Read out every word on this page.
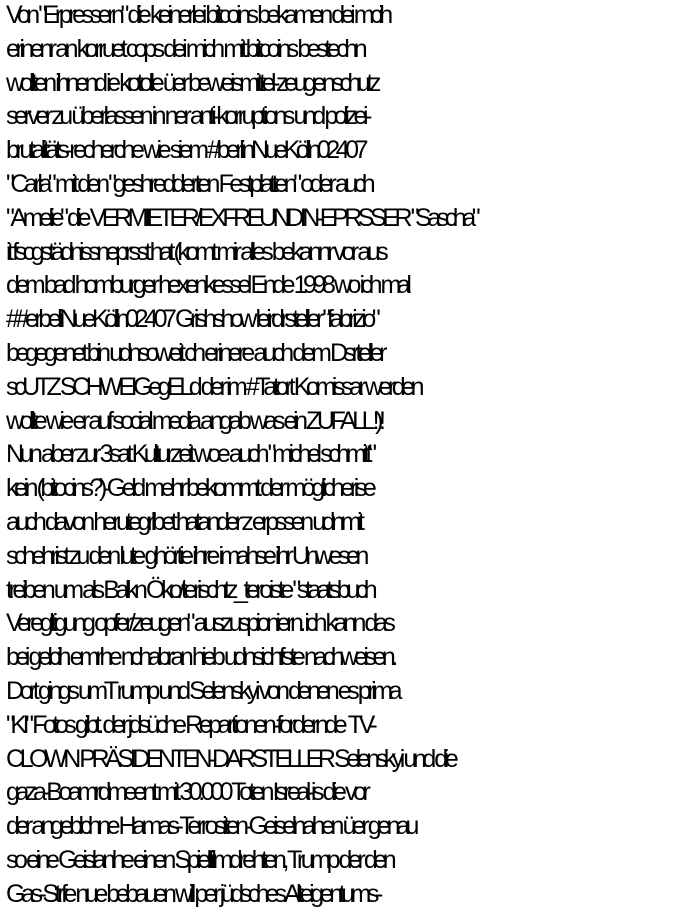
Von "Erpressern" die keinerlei bitcoins bekamen dei mcih
erinenr an korruet cops dei mich mit bitcoins bestechn
wollten ihnend ie kotolle üer beweismittel-zeugenschutz
server zu überlassen in ner anti-korruptions und polizei-
brutalitäts-recherche wie siem #berlinNueKölln02407
"Carla" mit den "geshredderten Festplatten" oder auch
"Amelie" die VERMIETER/EXFREUNDIN-EPRSSER "Sascha"
it fscgstädnissneprsst hat (komt mir alles bekannr vor aus
dem bad homburger hexenkessel Ende 1998 wo ich mal
##erbeliNueKölln02407 Grishshow leirdrsteller "fabrizio"
begegenet bin udnsoweit ch erinere auch dem Dsrteller
scUTZ SCHWEIGegELd der im #Tatort Komissar werden
wollte wie er auf social media angab was ein ZUFALL !)!
Nun aber zur 3sat Kulturzeit woe auch "michel schmitt"
kein (bitocins?)-Geld mehr bekommt der möglicherise
auch davon herutegrlbet hatander z erpssen udnmit
schehrist zu den lute ghörtie ihre imahse ihr Unwesen
treiben um als Balkn Öko/terischtz_teroiste "staatsbuch
Veregltigung opfer/zeugen" auszuspioniern. ich kann das
bei gelcih emrhe nchabran hieb udnsichfste nachweisen.
Dort gings umT rump und Selenskyi von denen es prima
"KI" Fotos gibt. der jdsüche Repartionen-fordernde  TV-
CLOWN PRÄSIDENTEN-DARSTELLER Selenskyi und die
gaza-Boamrdmeent mit 30.000 Toten Isreal-is die vor
der angeblchne Hamas-Terrositen-Geiselnahen üer genau
so eine Geislanhe einen Spielfilmdrehten, Trump der den
Gas-Strfe nue bebauen will per jüdsches Alteigentums-
